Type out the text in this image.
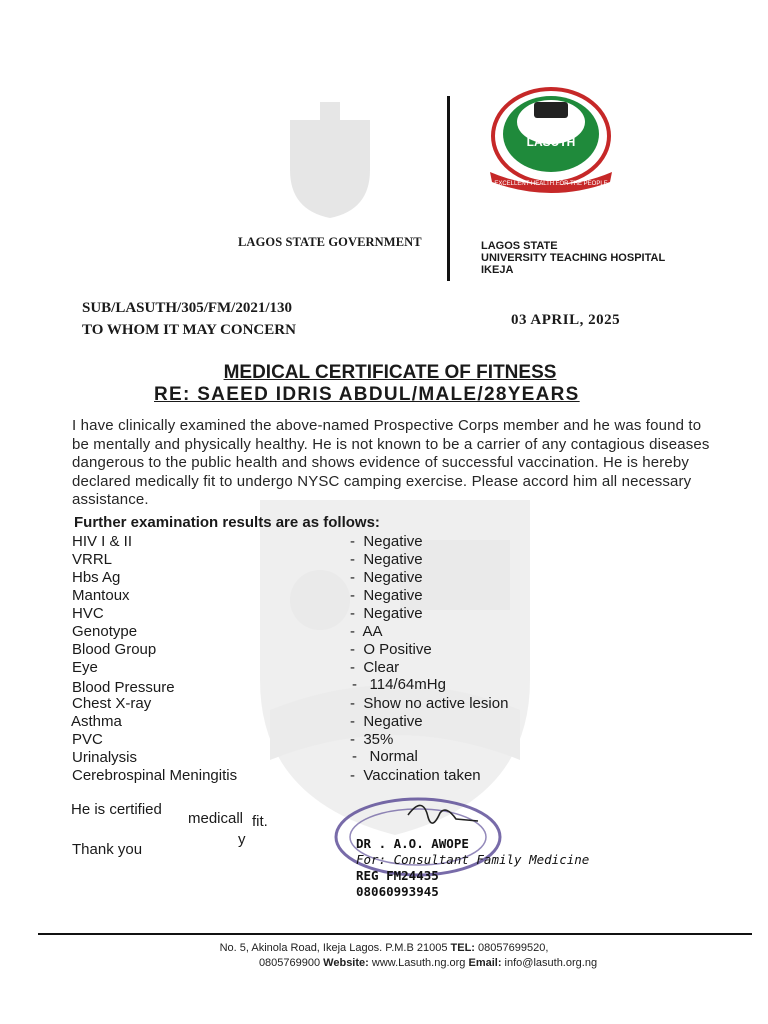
LASUTH
EXCELLENT HEALTH FOR THE PEOPLE
LAGOS STATE GOVERNMENT	LAGOS STATE
UNIVERSITY TEACHING HOSPITAL
IKEJA
SUB/LASUTH/305/FM/2021/130
TO WHOM IT MAY CONCERN
03 APRIL, 2025
MEDICAL CERTIFICATE OF FITNESS
RE: SAEED IDRIS ABDUL/MALE/28YEARS
I have clinically examined the above-named Prospective Corps member and he was found to be mentally and physically healthy. He is not known to be a carrier of any contagious diseases dangerous to the public health and shows evidence of successful vaccination. He is hereby declared medically fit to undergo NYSC camping exercise. Please accord him all necessary assistance.
Further examination results are as follows:
HIV I & II	-  Negative
VRRL	-  Negative
Hbs Ag	-  Negative
Mantoux	-  Negative
HVC	-  Negative
Genotype	-  AA
Blood Group	-  O Positive
Eye	-  Clear
Blood Pressure	-   114/64mHg
Chest X-ray	-  Show no active lesion
Asthma	-  Negative
PVC	-  35%
Urinalysis	-   Normal
Cerebrospinal Meningitis	-  Vaccination taken
He is certified
medicall fit.
y
Thank you	DR . A.O. AWOPE
For: Consultant Family Medicine
REG FM24435
08060993945
No. 5, Akinola Road, Ikeja Lagos. P.M.B 21005 TEL: 08057699520,
0805769900 Website: www.Lasuth.ng.org Email: info@lasuth.org.ng
